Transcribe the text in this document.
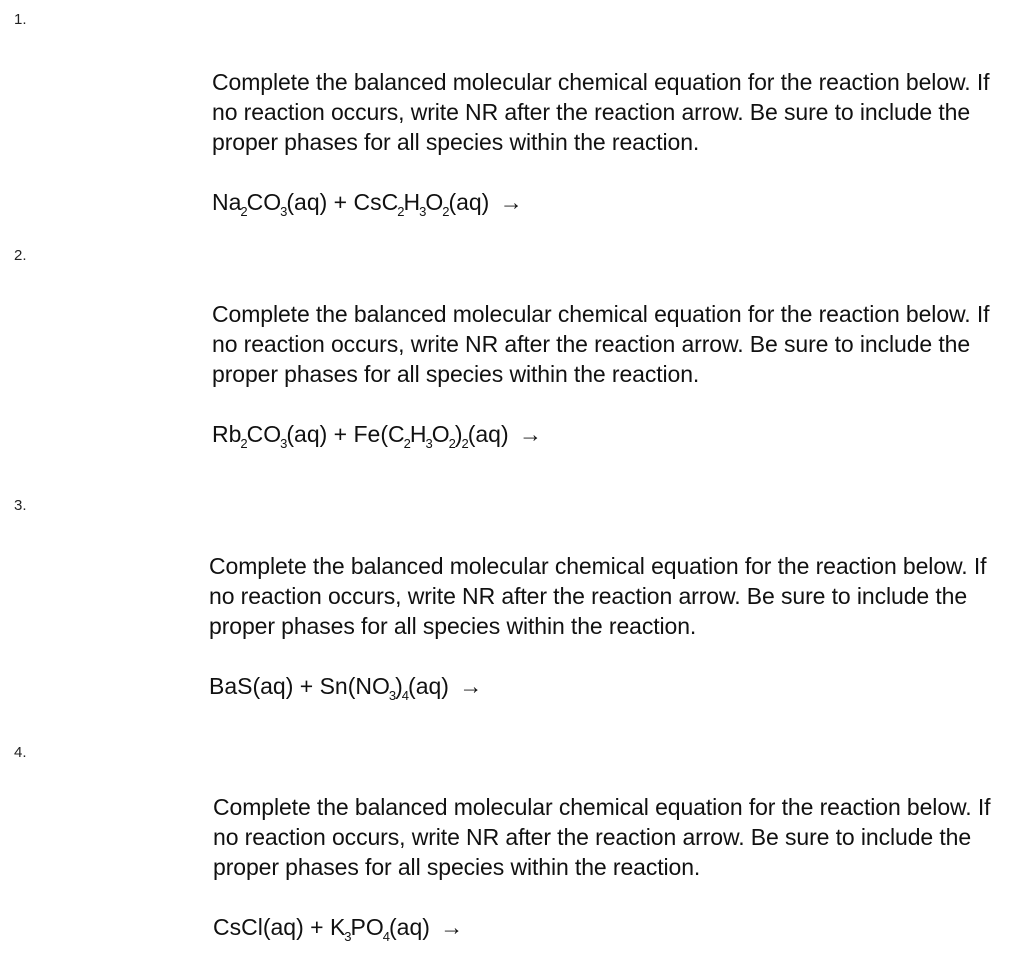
1.

Complete the balanced molecular chemical equation for the reaction below. If no reaction occurs, write NR after the reaction arrow. Be sure to include the proper phases for all species within the reaction.

$Na_2CO_3(aq) + CsC_2H_3O_2(aq)$ →

2.

Complete the balanced molecular chemical equation for the reaction below. If no reaction occurs, write NR after the reaction arrow. Be sure to include the proper phases for all species within the reaction.

$Rb_2CO_3(aq) + Fe(C_2H_3O_2)_2(aq)$ →

3.

Complete the balanced molecular chemical equation for the reaction below. If no reaction occurs, write NR after the reaction arrow. Be sure to include the proper phases for all species within the reaction.

$BaS(aq) + Sn(NO_3)_4(aq)$ →

4.

Complete the balanced molecular chemical equation for the reaction below. If no reaction occurs, write NR after the reaction arrow. Be sure to include the proper phases for all species within the reaction.

CsCl(aq) + $K_3PO_4(aq)$ →
